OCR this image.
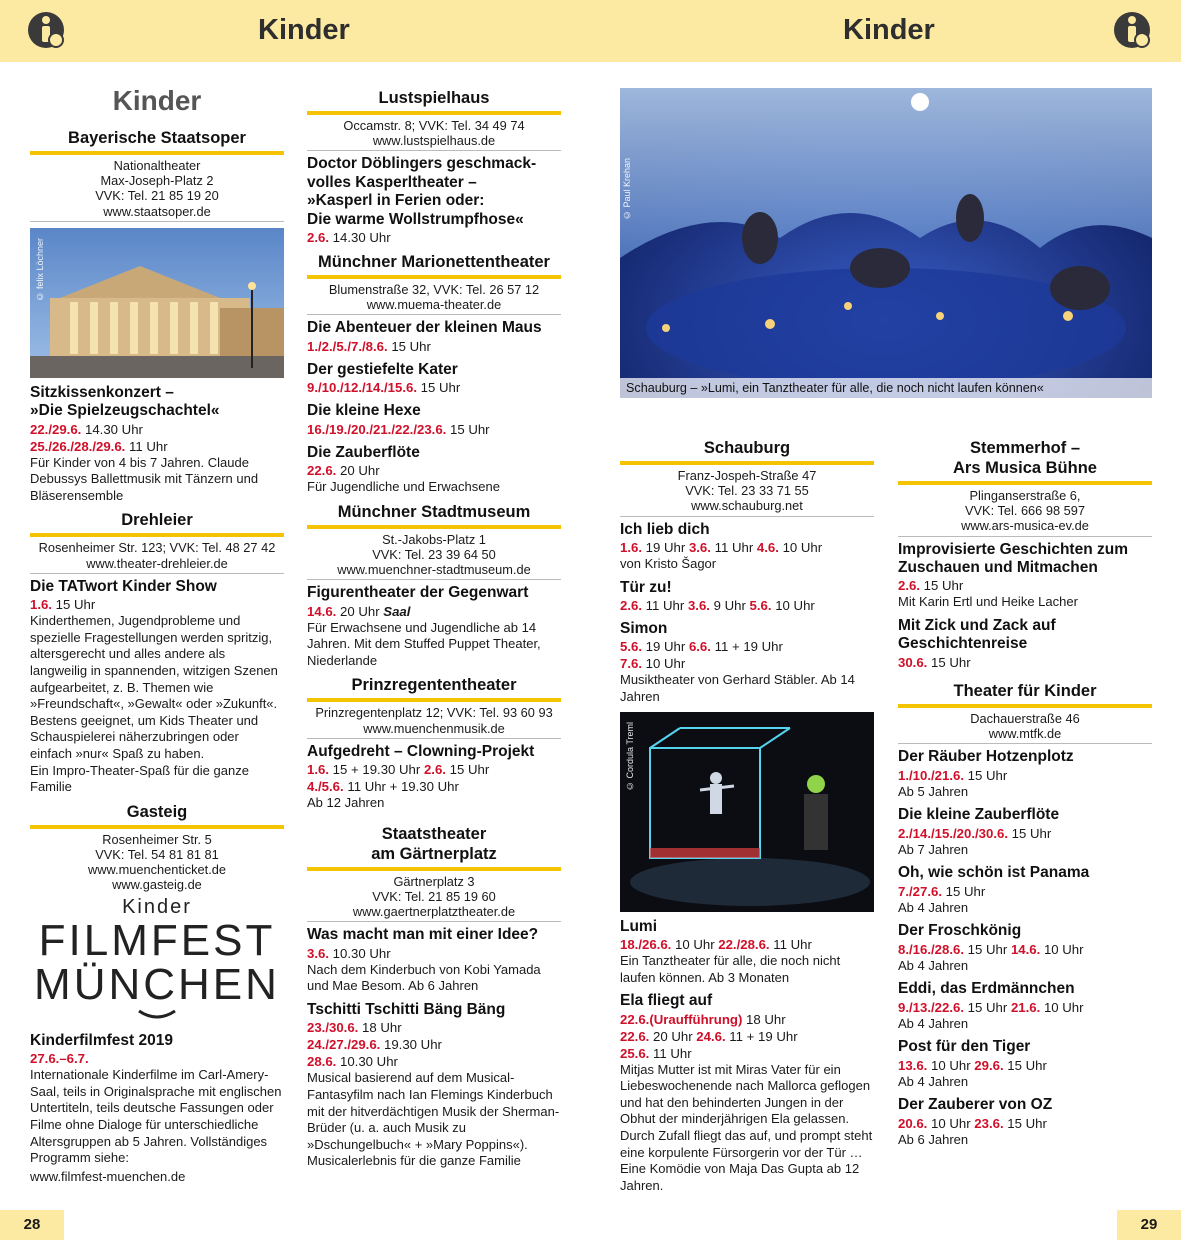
Kinder	Kinder
Kinder
Bayerische Staatsoper
Nationaltheater
Max-Joseph-Platz 2
VVK: Tel. 21 85 19 20
www.staatsoper.de
© felix Löchner
Sitzkissenkonzert –
»Die Spielzeugschachtel«
22./29.6. 14.30 Uhr
25./26./28./29.6. 11 Uhr
Für Kinder von 4 bis 7 Jahren. Claude Debussys Ballettmusik mit Tänzern und Bläserensemble
Drehleier
Rosenheimer Str. 123; VVK: Tel. 48 27 42
www.theater-drehleier.de
Die TATwort Kinder Show
1.6. 15 Uhr
Kinderthemen, Jugendprobleme und spezielle Fragestellungen werden spritzig, altersgerecht und alles andere als langweilig in spannenden, witzigen Szenen aufgearbeitet, z. B. Themen wie »Freundschaft«, »Gewalt« oder »Zukunft«.
Bestens geeignet, um Kids Theater und Schauspielerei näherzubringen oder einfach »nur« Spaß zu haben.
Ein Impro-Theater-Spaß für die ganze Familie
Gasteig
Rosenheimer Str. 5
VVK: Tel. 54 81 81 81
www.muenchenticket.de
www.gasteig.de
Kinder
FILMFEST
MÜNCHEN
Kinderfilmfest 2019
27.6.–6.7.
Internationale Kinderfilme im Carl-Amery-Saal, teils in Originalsprache mit englischen Untertiteln, teils deutsche Fassungen oder Filme ohne Dialoge für unterschiedliche Altersgruppen ab 5 Jahren. Vollständiges Programm siehe:
www.filmfest-muenchen.de
Lustspielhaus
Occamstr. 8; VVK: Tel. 34 49 74
www.lustspielhaus.de
Doctor Döblingers geschmack-
volles Kasperltheater –
»Kasperl in Ferien oder:
Die warme Wollstrumpfhose«
2.6. 14.30 Uhr
Münchner Marionettentheater
Blumenstraße 32, VVK: Tel. 26 57 12
www.muema-theater.de
Die Abenteuer der kleinen Maus
1./2./5./7./8.6. 15 Uhr
Der gestiefelte Kater
9./10./12./14./15.6. 15 Uhr
Die kleine Hexe
16./19./20./21./22./23.6. 15 Uhr
Die Zauberflöte
22.6. 20 Uhr
Für Jugendliche und Erwachsene
Münchner Stadtmuseum
St.-Jakobs-Platz 1
VVK: Tel. 23 39 64 50
www.muenchner-stadtmuseum.de
Figurentheater der Gegenwart
14.6. 20 Uhr Saal
Für Erwachsene und Jugendliche ab 14 Jahren. Mit dem Stuffed Puppet Theater, Niederlande
Prinzregententheater
Prinzregentenplatz 12; VVK: Tel. 93 60 93
www.muenchenmusik.de
Aufgedreht – Clowning-Projekt
1.6. 15 + 19.30 Uhr 2.6. 15 Uhr
4./5.6. 11 Uhr + 19.30 Uhr
Ab 12 Jahren
Staatstheater
am Gärtnerplatz
Gärtnerplatz 3
VVK: Tel. 21 85 19 60
www.gaertnerplatztheater.de
Was macht man mit einer Idee?
3.6. 10.30 Uhr
Nach dem Kinderbuch von Kobi Yamada und Mae Besom. Ab 6 Jahren
Tschitti Tschitti Bäng Bäng
23./30.6. 18 Uhr
24./27./29.6. 19.30 Uhr
28.6. 10.30 Uhr
Musical basierend auf dem Musical-Fantasyfilm nach Ian Flemings Kinderbuch mit der hitverdächtigen Musik der Sherman-Brüder (u. a. auch Musik zu »Dschungelbuch« + »Mary Poppins«). Musicalerlebnis für die ganze Familie
© Paul Krehan
Schauburg – »Lumi, ein Tanztheater für alle, die noch nicht laufen können«
Schauburg
Franz-Jospeh-Straße 47
VVK: Tel. 23 33 71 55
www.schauburg.net
Ich lieb dich
1.6. 19 Uhr 3.6. 11 Uhr 4.6. 10 Uhr
von Kristo Šagor
Tür zu!
2.6. 11 Uhr 3.6. 9 Uhr 5.6. 10 Uhr
Simon
5.6. 19 Uhr 6.6. 11 + 19 Uhr
7.6. 10 Uhr
Musiktheater von Gerhard Stäbler. Ab 14 Jahren
© Cordula Treml
Lumi
18./26.6. 10 Uhr 22./28.6. 11 Uhr
Ein Tanztheater für alle, die noch nicht laufen können. Ab 3 Monaten
Ela fliegt auf
22.6.(Uraufführung) 18 Uhr
22.6. 20 Uhr 24.6. 11 + 19 Uhr
25.6. 11 Uhr
Mitjas Mutter ist mit Miras Vater für ein Liebeswochenende nach Mallorca geflogen und hat den behinderten Jungen in der Obhut der minderjährigen Ela gelassen. Durch Zufall fliegt das auf, und prompt steht eine korpulente Fürsorgerin vor der Tür … Eine Komödie von Maja Das Gupta ab 12 Jahren.
Stemmerhof –
Ars Musica Bühne
Plinganserstraße 6,
VVK: Tel. 666 98 597
www.ars-musica-ev.de
Improvisierte Geschichten zum Zuschauen und Mitmachen
2.6. 15 Uhr
Mit Karin Ertl und Heike Lacher
Mit Zick und Zack auf Geschichtenreise
30.6. 15 Uhr
Theater für Kinder
Dachauerstraße 46
www.mtfk.de
Der Räuber Hotzenplotz
1./10./21.6. 15 Uhr
Ab 5 Jahren
Die kleine Zauberflöte
2./14./15./20./30.6. 15 Uhr
Ab 7 Jahren
Oh, wie schön ist Panama
7./27.6. 15 Uhr
Ab 4 Jahren
Der Froschkönig
8./16./28.6. 15 Uhr 14.6. 10 Uhr
Ab 4 Jahren
Eddi, das Erdmännchen
9./13./22.6. 15 Uhr 21.6. 10 Uhr
Ab 4 Jahren
Post für den Tiger
13.6. 10 Uhr 29.6. 15 Uhr
Ab 4 Jahren
Der Zauberer von OZ
20.6. 10 Uhr 23.6. 15 Uhr
Ab 6 Jahren
28	29
